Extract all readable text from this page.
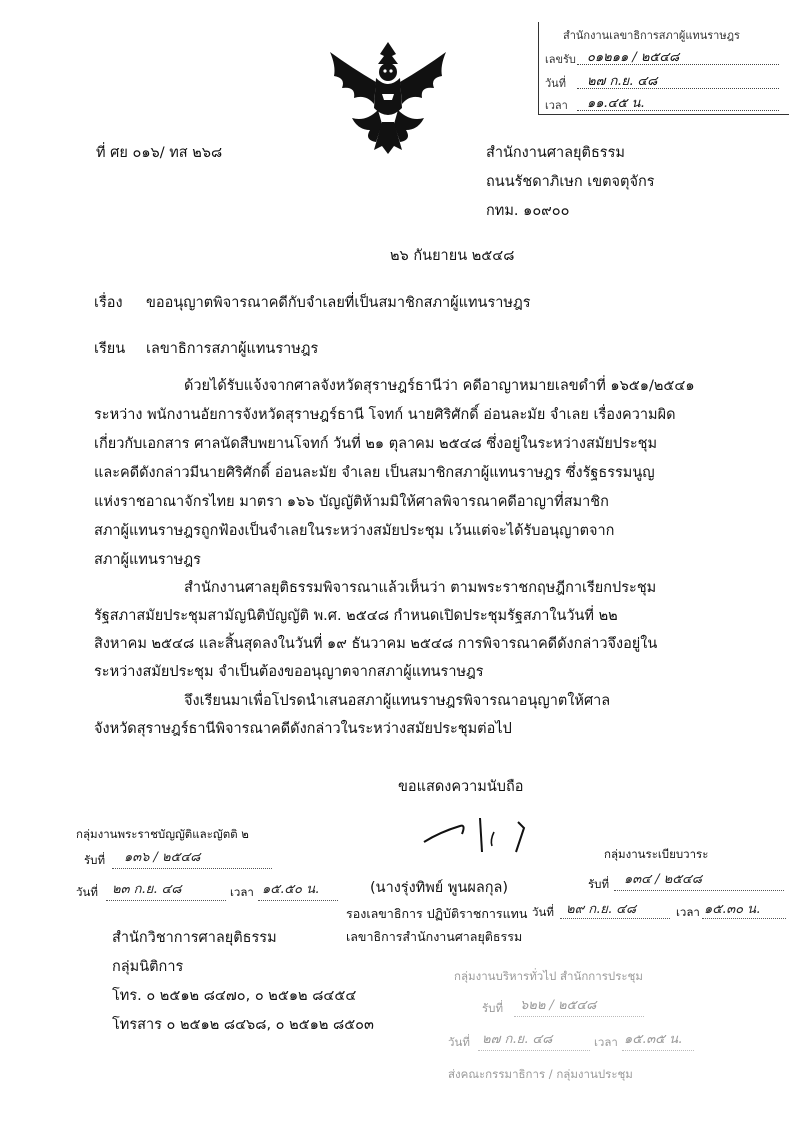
สำนักงานเลขาธิการสภาผู้แทนราษฎร
เลขรับ ๐๑๒๑๑ / ๒๕๔๘
วันที่ ๒๗ ก.ย. ๔๘
เวลา ๑๑.๔๕ น.
ที่ ศย ๐๑๖/ ทส ๒๖๘	สำนักงานศาลยุติธรรม
ถนนรัชดาภิเษก เขตจตุจักร
กทม. ๑๐๙๐๐
๒๖ กันยายน ๒๕๔๘
เรื่อง ขออนุญาตพิจารณาคดีกับจำเลยที่เป็นสมาชิกสภาผู้แทนราษฎร
เรียน เลขาธิการสภาผู้แทนราษฎร
ด้วยได้รับแจ้งจากศาลจังหวัดสุราษฎร์ธานีว่า คดีอาญาหมายเลขดำที่ ๑๖๕๑/๒๕๔๑
ระหว่าง พนักงานอัยการจังหวัดสุราษฎร์ธานี โจทก์ นายศิริศักดิ์ อ่อนละมัย จำเลย เรื่องความผิด
เกี่ยวกับเอกสาร ศาลนัดสืบพยานโจทก์ วันที่ ๒๑ ตุลาคม ๒๕๔๘ ซึ่งอยู่ในระหว่างสมัยประชุม
และคดีดังกล่าวมีนายศิริศักดิ์ อ่อนละมัย จำเลย เป็นสมาชิกสภาผู้แทนราษฎร ซึ่งรัฐธรรมนูญ
แห่งราชอาณาจักรไทย มาตรา ๑๖๖ บัญญัติห้ามมิให้ศาลพิจารณาคดีอาญาที่สมาชิก
สภาผู้แทนราษฎรถูกฟ้องเป็นจำเลยในระหว่างสมัยประชุม เว้นแต่จะได้รับอนุญาตจาก
สภาผู้แทนราษฎร
สำนักงานศาลยุติธรรมพิจารณาแล้วเห็นว่า ตามพระราชกฤษฎีกาเรียกประชุม
รัฐสภาสมัยประชุมสามัญนิติบัญญัติ พ.ศ. ๒๕๔๘ กำหนดเปิดประชุมรัฐสภาในวันที่ ๒๒
สิงหาคม ๒๕๔๘ และสิ้นสุดลงในวันที่ ๑๙ ธันวาคม ๒๕๔๘ การพิจารณาคดีดังกล่าวจึงอยู่ใน
ระหว่างสมัยประชุม จำเป็นต้องขออนุญาตจากสภาผู้แทนราษฎร
จึงเรียนมาเพื่อโปรดนำเสนอสภาผู้แทนราษฎรพิจารณาอนุญาตให้ศาล
จังหวัดสุราษฎร์ธานีพิจารณาคดีดังกล่าวในระหว่างสมัยประชุมต่อไป
ขอแสดงความนับถือ
กลุ่มงานพระราชบัญญัติและญัตติ ๒
รับที่ ๑๓๖ / ๒๕๔๘
วันที่ ๒๓ ก.ย. ๔๘	เวลา ๑๕.๕๐ น.	(นางรุ่งทิพย์ พูนผลกุล)
รองเลขาธิการ ปฏิบัติราชการแทน
เลขาธิการสำนักงานศาลยุติธรรม
กลุ่มงานระเบียบวาระ
รับที่ ๑๓๔ / ๒๕๔๘
วันที่ ๒๙ ก.ย. ๔๘	เวลา ๑๕.๓๐ น.
สำนักวิชาการศาลยุติธรรม
กลุ่มนิติการ
โทร. ๐ ๒๕๑๒ ๘๔๗๐, ๐ ๒๕๑๒ ๘๔๕๔
โทรสาร ๐ ๒๕๑๒ ๘๔๖๘, ๐ ๒๕๑๒ ๘๕๐๓
กลุ่มงานบริหารทั่วไป สำนักการประชุม
รับที่ ๖๒๒ / ๒๕๔๘
วันที่ ๒๗ ก.ย. ๔๘	เวลา ๑๕.๓๕ น.
ส่งคณะกรรมาธิการ / กลุ่มงานประชุม
